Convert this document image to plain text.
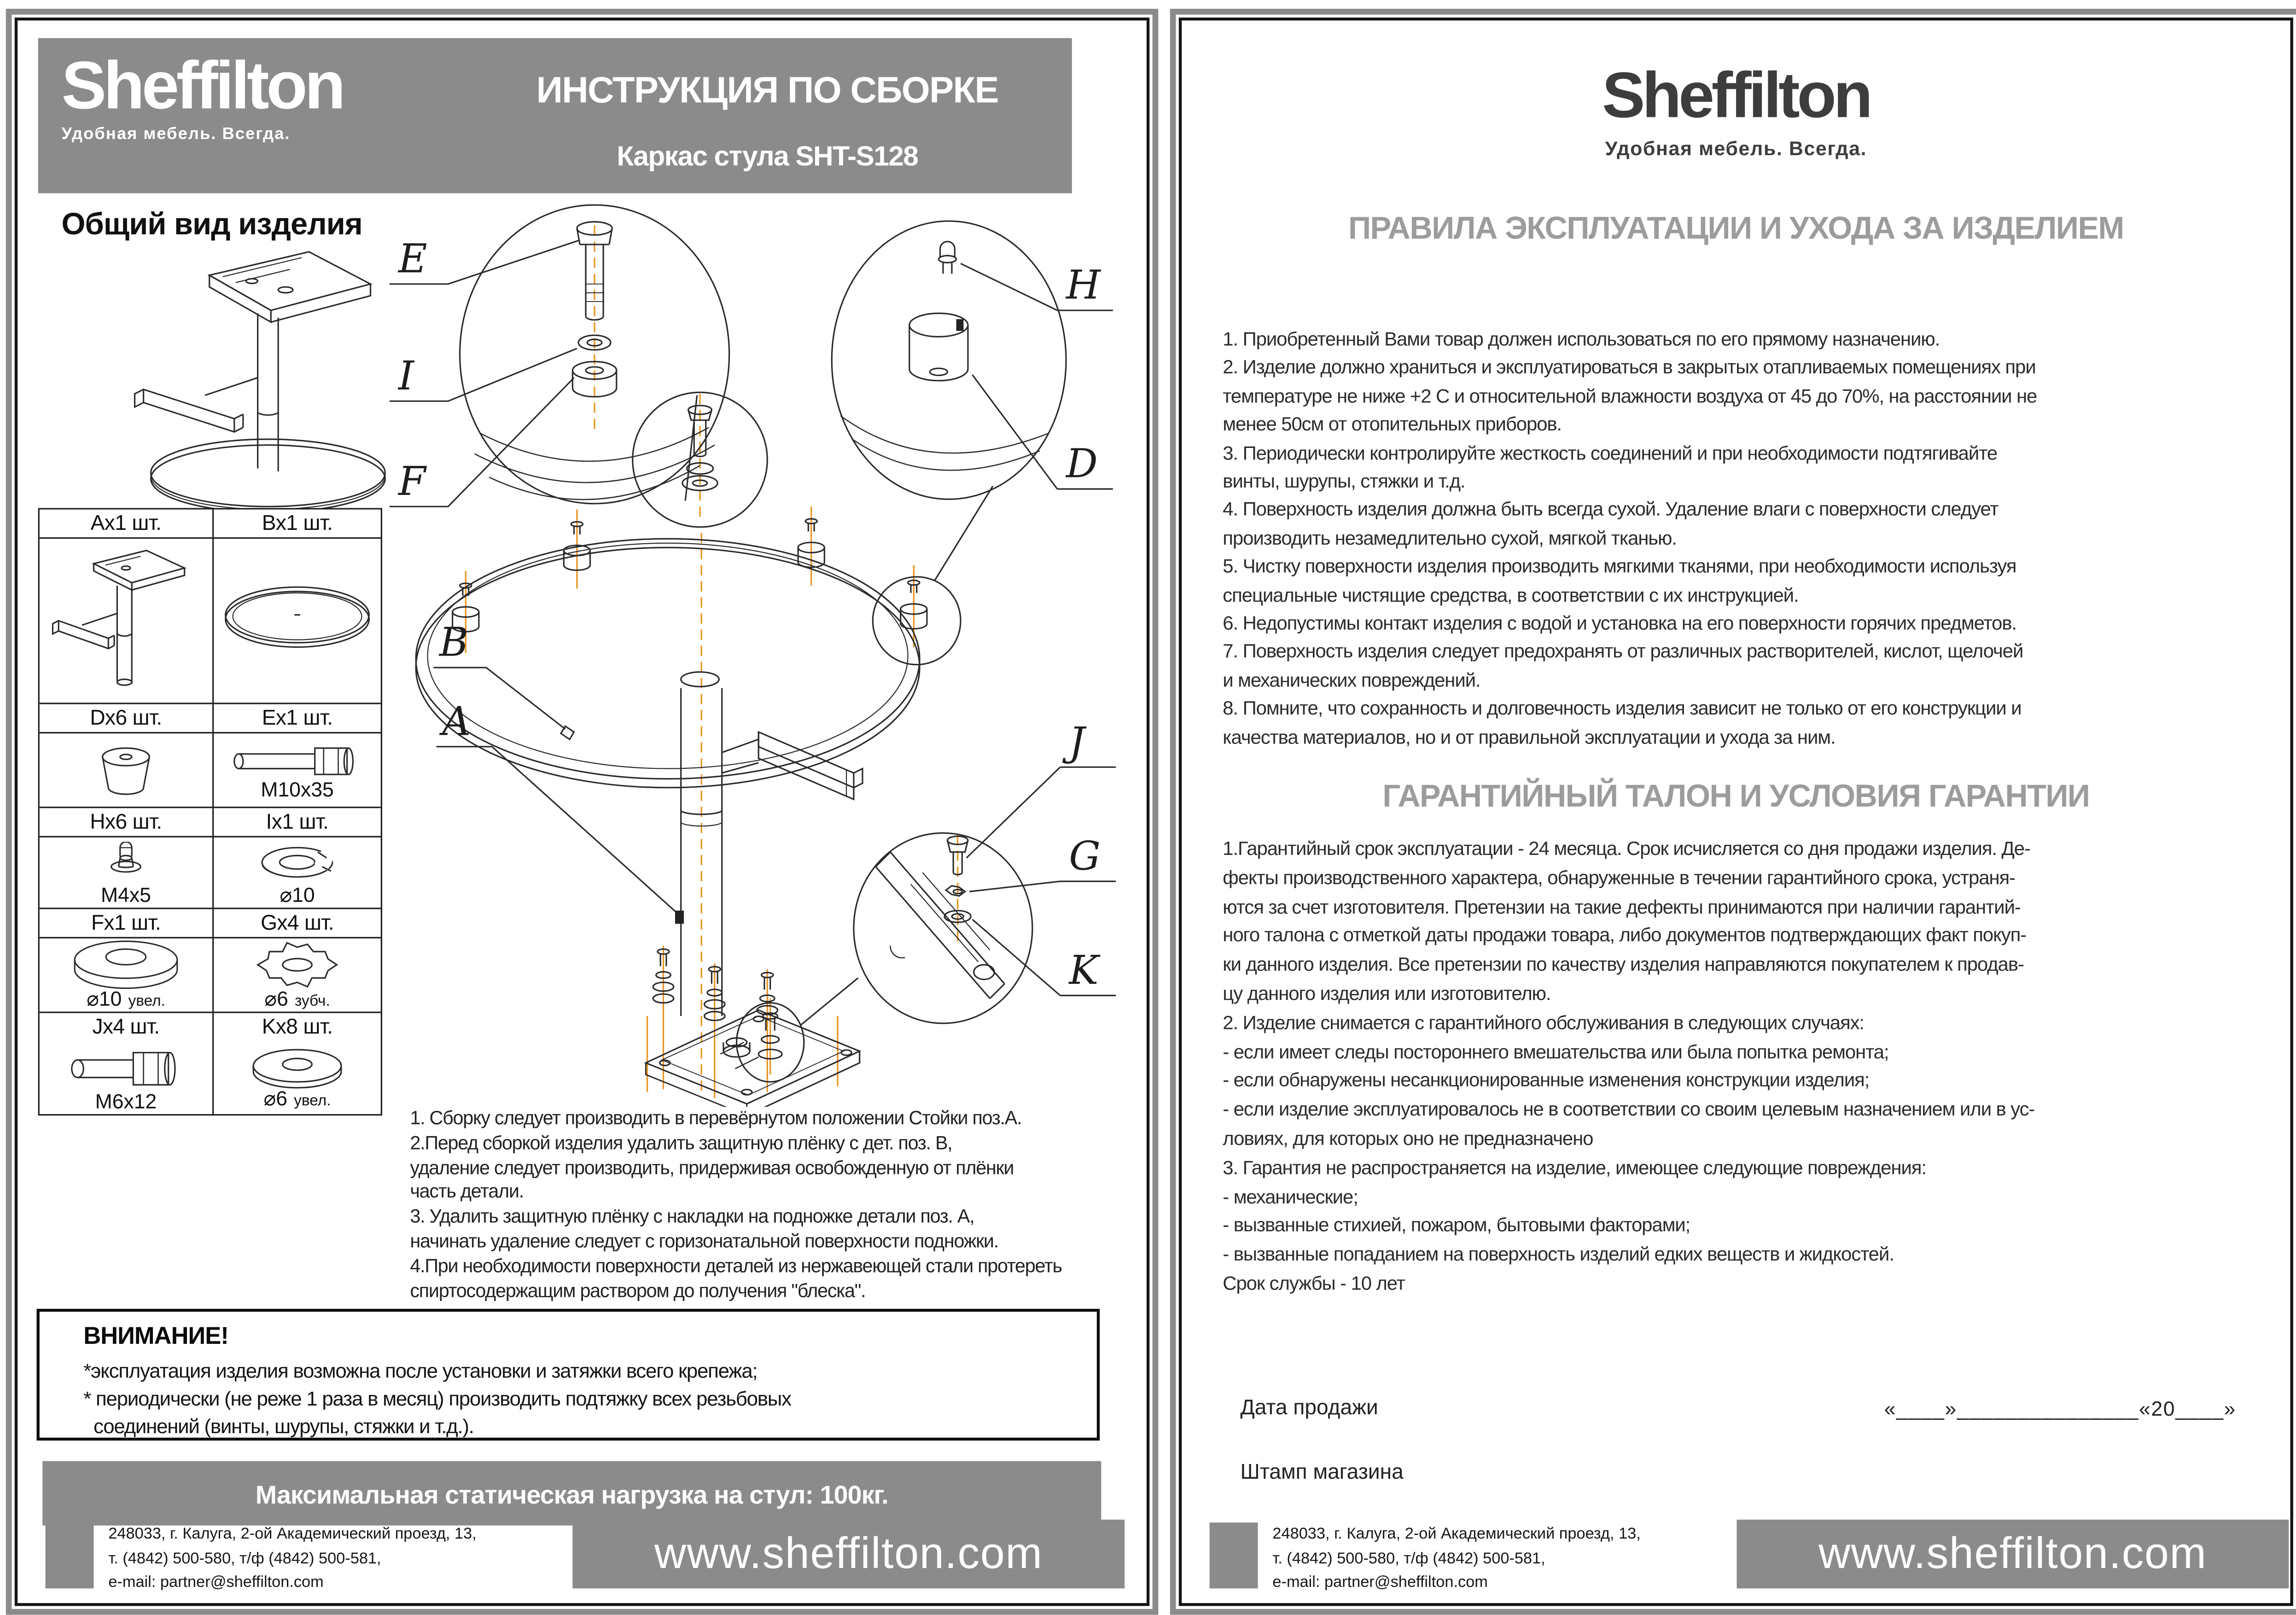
Sheffilton
Удобная мебель. Всегда.
ИНСТРУКЦИЯ ПО СБОРКЕ
Каркас стула SHT-S128
Общий вид изделия
Ax1 шт.	Bx1 шт.
Dx6 шт.	Ex1 шт.
M10x35
Hx6 шт.	Ix1 шт.
M4x5	⌀10
Fx1 шт.	Gx4 шт.
⌀10 увел.	⌀6 зубч.
Jx4 шт.	Kx8 шт.
M6x12	⌀6 увел.
E
I
F
B
A
H
D
J
G
K
1. Сборку следует производить в перевёрнутом положении Стойки поз.А.
2.Перед сборкой изделия удалить защитную плёнку с дет. поз. В,
удаление следует производить, придерживая освобожденную от плёнки
часть детали.
3. Удалить защитную плёнку с накладки на подножке детали поз. А,
начинать удаление следует с горизонатальной поверхности подножки.
4.При необходимости поверхности деталей из нержавеющей стали протереть
спиртосодержащим раствором до получения "блеска".
ВНИМАНИЕ!
*эксплуатация изделия возможна после установки и затяжки всего крепежа;
* периодически (не реже 1 раза в месяц) производить подтяжку всех резьбовых
соединений (винты, шурупы, стяжки и т.д.).
Максимальная статическая нагрузка на стул: 100кг.
248033, г. Калуга, 2-ой Академический проезд, 13,
т. (4842) 500-580, т/ф (4842) 500-581,
e-mail: partner@sheffilton.com
www.sheffilton.com
Sheffilton
Удобная мебель. Всегда.
ПРАВИЛА ЭКСПЛУАТАЦИИ И УХОДА ЗА ИЗДЕЛИЕМ
1. Приобретенный Вами товар должен использоваться по его прямому назначению.
2. Изделие должно храниться и эксплуатироваться в закрытых отапливаемых помещениях при
температуре не ниже +2 С и относительной влажности воздуха от 45 до 70%, на расстоянии не
менее 50см от отопительных приборов.
3. Периодически контролируйте жесткость соединений и при необходимости подтягивайте
винты, шурупы, стяжки и т.д.
4. Поверхность изделия должна быть всегда сухой. Удаление влаги с поверхности следует
производить незамедлительно сухой, мягкой тканью.
5. Чистку поверхности изделия производить мягкими тканями, при необходимости используя
специальные чистящие средства, в соответствии с их инструкцией.
6. Недопустимы контакт изделия с водой и установка на его поверхности горячих предметов.
7. Поверхность изделия следует предохранять от различных растворителей, кислот, щелочей
и механических повреждений.
8. Помните, что сохранность и долговечность изделия зависит не только от его конструкции и
качества материалов, но и от правильной эксплуатации и ухода за ним.
ГАРАНТИЙНЫЙ ТАЛОН И УСЛОВИЯ ГАРАНТИИ
1.Гарантийный срок эксплуатации - 24 месяца. Срок исчисляется со дня продажи изделия. Де-
фекты производственного характера, обнаруженные в течении гарантийного срока, устраня-
ются за счет изготовителя. Претензии на такие дефекты принимаются при наличии гарантий-
ного талона с отметкой даты продажи товара, либо документов подтверждающих факт покуп-
ки данного изделия. Все претензии по качеству изделия направляются покупателем к продав-
цу данного изделия или изготовителю.
2. Изделие снимается с гарантийного обслуживания в следующих случаях:
- если имеет следы постороннего вмешательства или была попытка ремонта;
- если обнаружены несанкционированные изменения конструкции изделия;
- если изделие эксплуатировалось не в соответствии со своим целевым назначением или в ус-
ловиях, для которых оно не предназначено
3. Гарантия не распространяется на изделие, имеющее следующие повреждения:
- механические;
- вызванные стихией, пожаром, бытовыми факторами;
- вызванные попаданием на поверхность изделий едких веществ и жидкостей.
Срок службы - 10 лет
Дата продажи	«____»_______________«20____»
Штамп магазина
248033, г. Калуга, 2-ой Академический проезд, 13,
т. (4842) 500-580, т/ф (4842) 500-581,
e-mail: partner@sheffilton.com
www.sheffilton.com
